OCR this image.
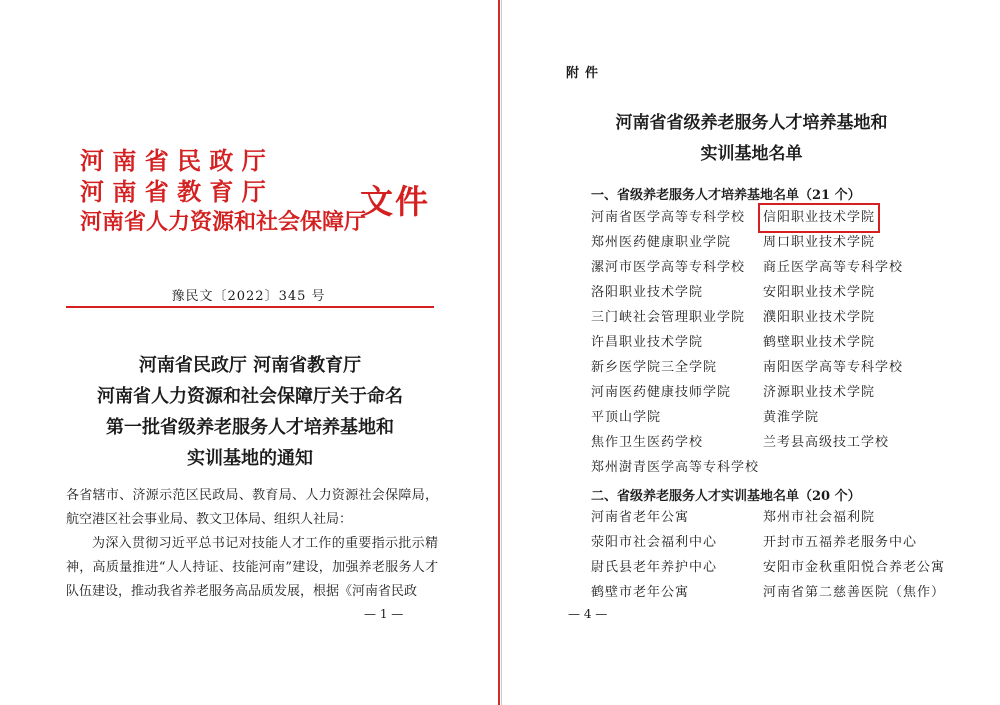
河 南 省 民 政 厅
河 南 省 教 育 厅
河南省人力资源和社会保障厅
文件
豫民文〔2022〕345 号
河南省民政厅 河南省教育厅
河南省人力资源和社会保障厅关于命名
第一批省级养老服务人才培养基地和
实训基地的通知

各省辖市、济源示范区民政局、教育局、人力资源社会保障局，航空港区社会事业局、教文卫体局、组织人社局：

为深入贯彻习近平总书记对技能人才工作的重要指示批示精神，高质量推进“人人持证、技能河南”建设，加强养老服务人才队伍建设，推动我省养老服务高品质发展，根据《河南省民政

— 1 —
附件
河南省省级养老服务人才培养基地和
实训基地名单
一、省级养老服务人才培养基地名单（21 个）
河南省医学高等专科学校 信阳职业技术学院
郑州医药健康职业学院 周口职业技术学院
漯河市医学高等专科学校 商丘医学高等专科学校
洛阳职业技术学院	安阳职业技术学院
三门峡社会管理职业学院 濮阳职业技术学院
许昌职业技术学院	鹤壁职业技术学院
新乡医学院三全学院	南阳医学高等专科学校
河南医药健康技师学院 济源职业技术学院
平顶山学院	黄淮学院
焦作卫生医药学校	兰考县高级技工学校
郑州澍青医学高等专科学校
二、省级养老服务人才实训基地名单（20 个）
河南省老年公寓	郑州市社会福利院
荥阳市社会福利中心	开封市五福养老服务中心
尉氏县老年养护中心	安阳市金秋重阳悦合养老公寓
鹤壁市老年公寓	河南省第二慈善医院（焦作）
— 4 —
